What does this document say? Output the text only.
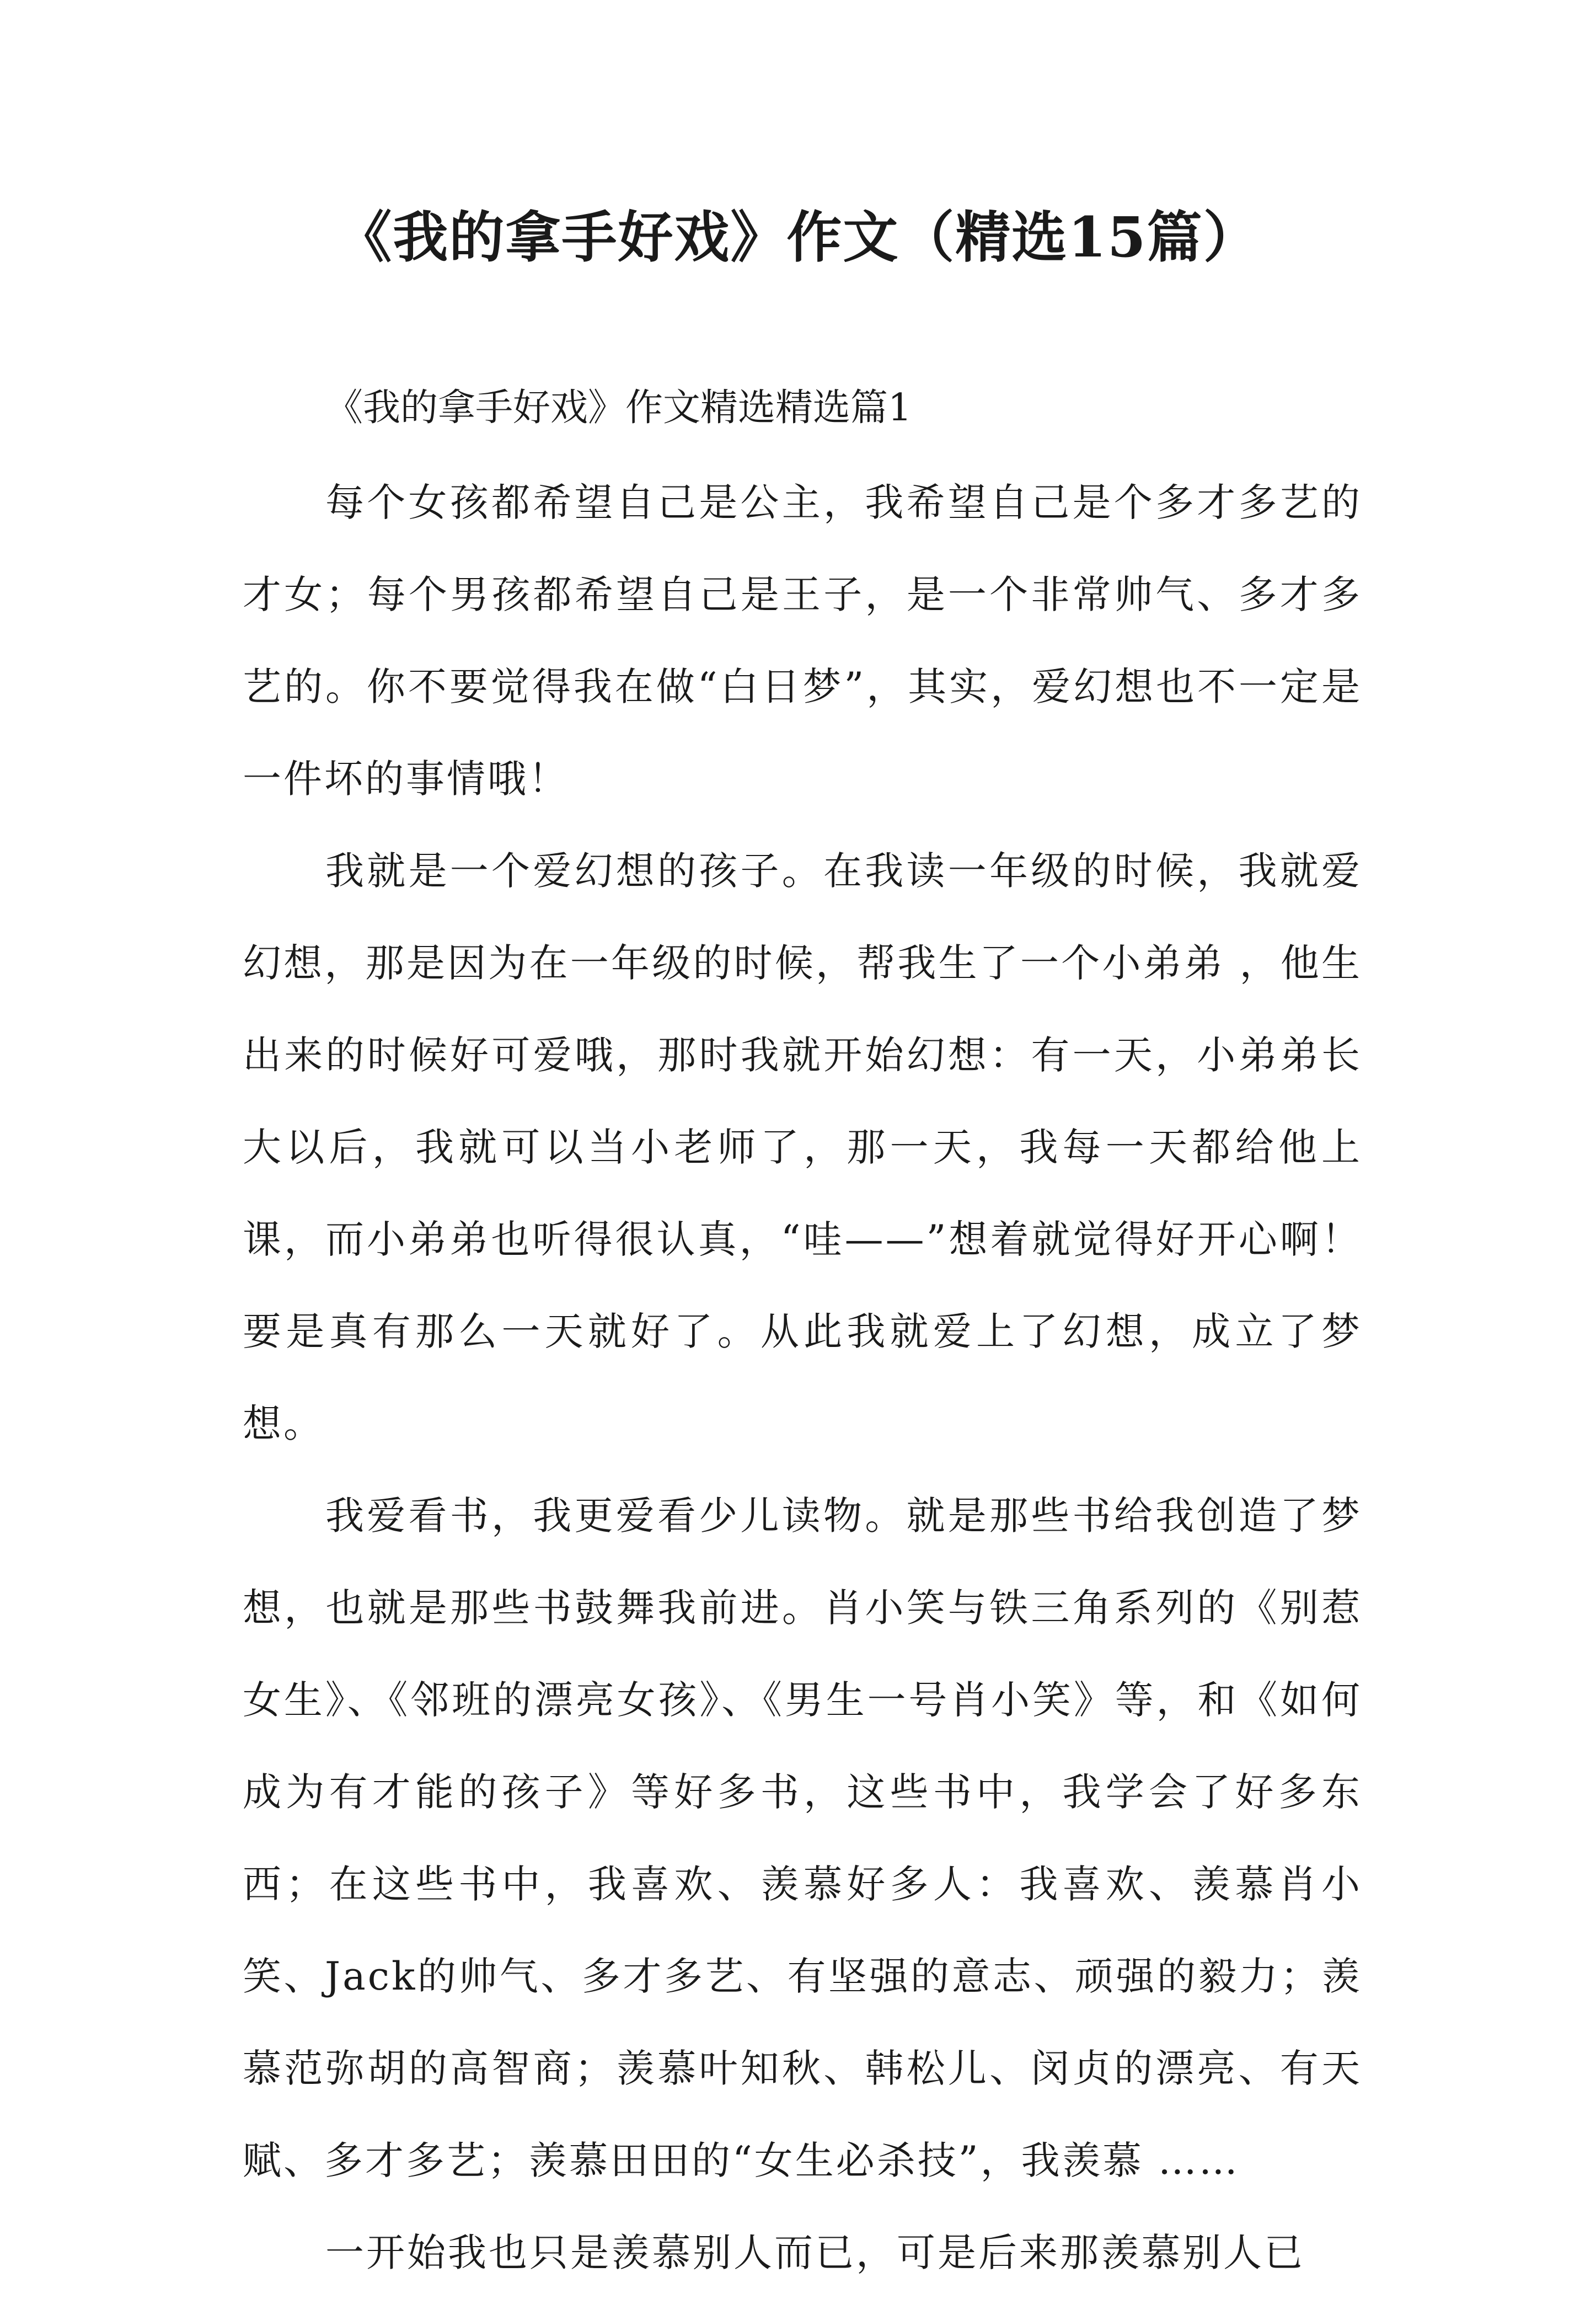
《我的拿手好戏》作文（精选15篇）
《我的拿手好戏》作文精选精选篇1

每个女孩都希望自己是公主，我希望自己是个多才多艺的才女；每个男孩都希望自己是王子，是一个非常帅气、多才多艺的。你不要觉得我在做“白日梦”，其实，爱幻想也不一定是一件坏的事情哦！

我就是一个爱幻想的孩子。在我读一年级的时候，我就爱幻想，那是因为在一年级的时候，帮我生了一个小弟弟 ，他生出来的时候好可爱哦，那时我就开始幻想：有一天，小弟弟长大以后，我就可以当小老师了，那一天，我每一天都给他上课，而小弟弟也听得很认真，“哇——”想着就觉得好开心啊！要是真有那么一天就好了。从此我就爱上了幻想，成立了梦想。

我爱看书，我更爱看少儿读物。就是那些书给我创造了梦想，也就是那些书鼓舞我前进。肖小笑与铁三角系列的《别惹女生》、《邻班的漂亮女孩》、《男生一号肖小笑》等，和《如何成为有才能的孩子》等好多书，这些书中，我学会了好多东西；在这些书中，我喜欢、羡慕好多人：我喜欢、羡慕肖小笑、Jack的帅气、多才多艺、有坚强的意志、顽强的毅力；羡慕范弥胡的高智商；羡慕叶知秋、韩松儿、闵贞的漂亮、有天赋、多才多艺；羡慕田田的“女生必杀技”，我羡慕 ……

一开始我也只是羡慕别人而已，可是后来那羡慕别人已
